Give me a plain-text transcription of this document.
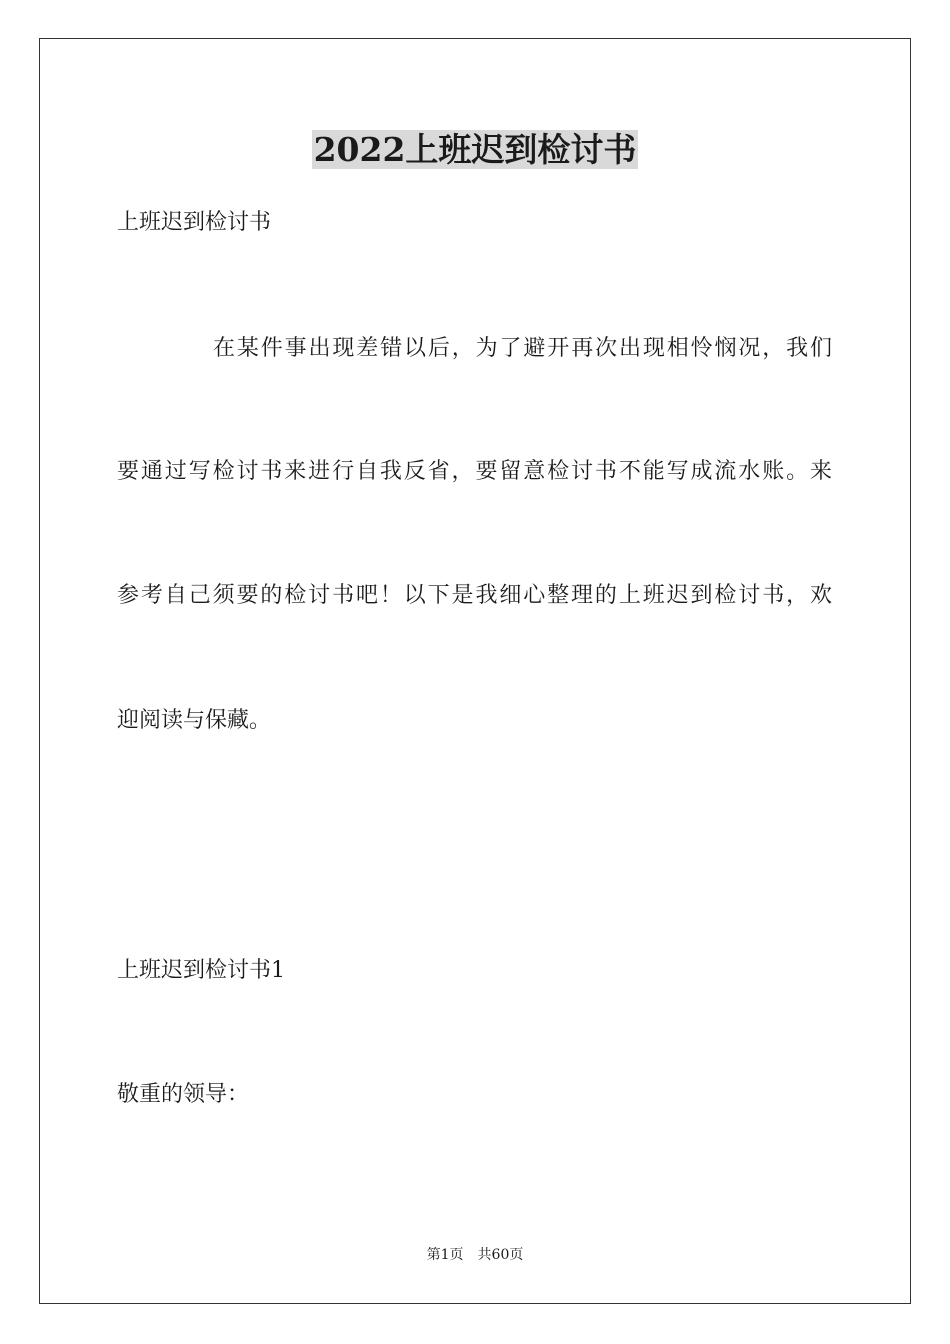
2022上班迟到检讨书
上班迟到检讨书
在某件事出现差错以后，为了避开再次出现相怜悯况，我们
要通过写检讨书来进行自我反省，要留意检讨书不能写成流水账。来
参考自己须要的检讨书吧！以下是我细心整理的上班迟到检讨书，欢
迎阅读与保藏。
上班迟到检讨书1
敬重的领导：
第1页 共60页
